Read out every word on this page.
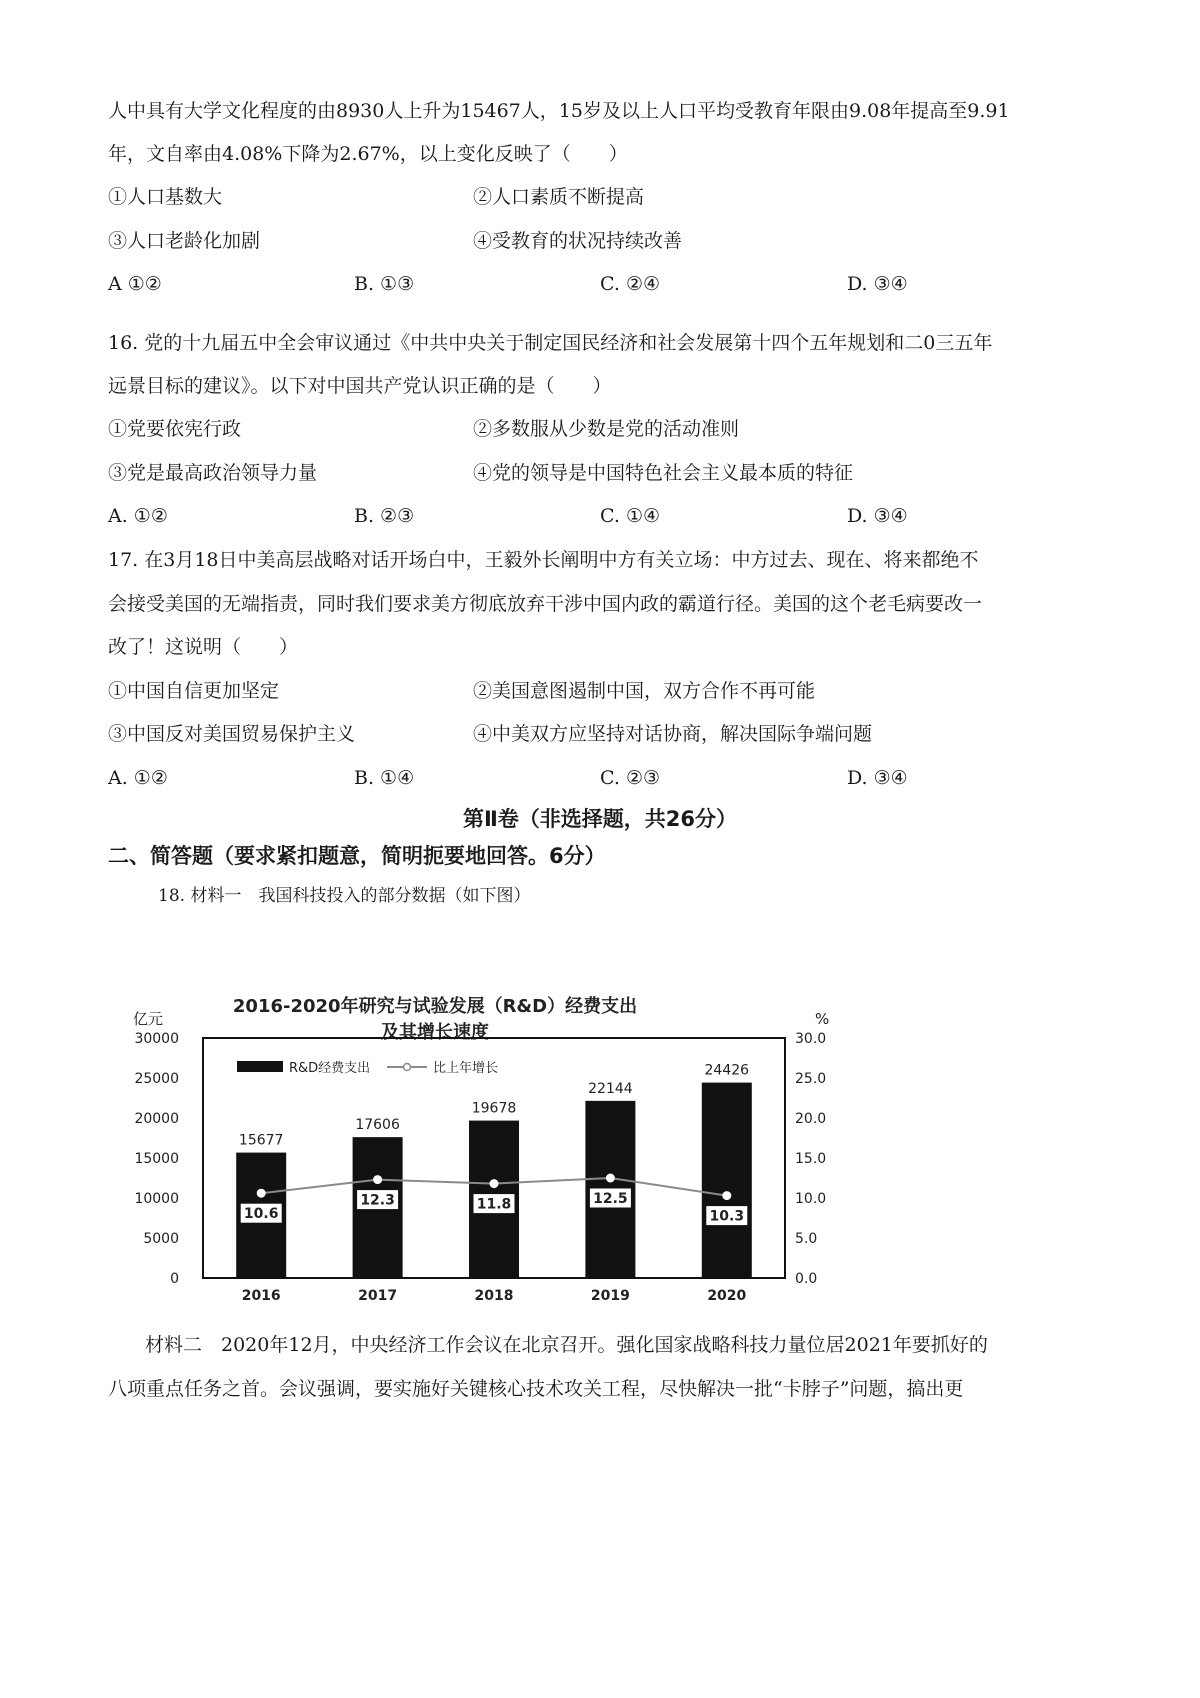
人中具有大学文化程度的由8930人上升为15467人，15岁及以上人口平均受教育年限由9.08年提高至9.91
年，文自率由4.08%下降为2.67%，以上变化反映了（　　）
①人口基数大	②人口素质不断提高
③人口老龄化加剧	④受教育的状况持续改善
A ①②	B. ①③	C. ②④	D. ③④
16. 党的十九届五中全会审议通过《中共中央关于制定国民经济和社会发展第十四个五年规划和二0三五年
远景目标的建议》。以下对中国共产党认识正确的是（　　）
①党要依宪行政	②多数服从少数是党的活动准则
③党是最高政治领导力量	④党的领导是中国特色社会主义最本质的特征
A. ①②	B. ②③	C. ①④	D. ③④
17. 在3月18日中美高层战略对话开场白中，王毅外长阐明中方有关立场：中方过去、现在、将来都绝不
会接受美国的无端指责，同时我们要求美方彻底放弃干涉中国内政的霸道行径。美国的这个老毛病要改一
改了！这说明（　　）
①中国自信更加坚定	②美国意图遏制中国，双方合作不再可能
③中国反对美国贸易保护主义	④中美双方应坚持对话协商，解决国际争端问题
A. ①②	B. ①④	C. ②③	D. ③④
第Ⅱ卷（非选择题，共26分）
二、简答题（要求紧扣题意，简明扼要地回答。6分）
18. 材料一　我国科技投入的部分数据（如下图）
2016-2020年研究与试验发展（R&D）经费支出
及其增长速度
亿元	%
30000
25000
20000
15000
10000
5000
0
30.0
25.0
20.0
15.0
10.0
5.0
0.0
15677
2016
17606
2017
19678
2018
22144
2019
24426
2020
10.6
12.3	11.8	12.5
10.3
R&D经费支出	比上年增长
材料二　2020年12月，中央经济工作会议在北京召开。强化国家战略科技力量位居2021年要抓好的
八项重点任务之首。会议强调，要实施好关键核心技术攻关工程，尽快解决一批“卡脖子”问题，搞出更
